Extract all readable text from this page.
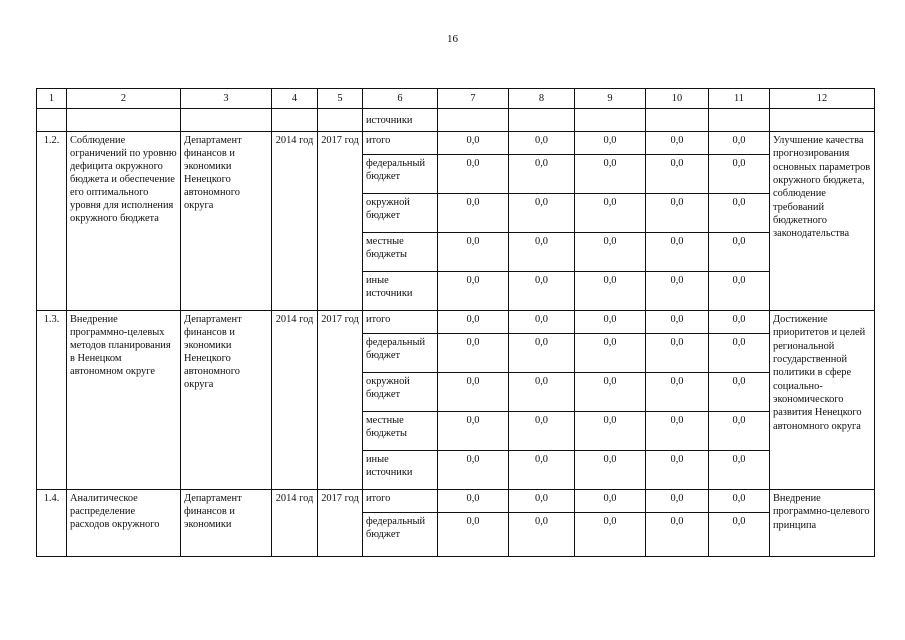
16
1	2	3	4	5	6	7	8	9	10	11	12
					источники						
1.2.	Соблюдение ограничений по уровню дефицита окружного бюджета и обеспечение его оптимального уровня для исполнения окружного бюджета	Департамент финансов и экономики Ненецкого автономного округа	2014 год	2017 год	итого	0,0	0,0	0,0	0,0	0,0	Улучшение качества прогнозирования основных параметров окружного бюджета, соблюдение требований бюджетного законодательства
					федеральный бюджет	0,0	0,0	0,0	0,0	0,0	
					окружной бюджет	0,0	0,0	0,0	0,0	0,0	
					местные бюджеты	0,0	0,0	0,0	0,0	0,0	
					иные источники	0,0	0,0	0,0	0,0	0,0	
1.3.	Внедрение программно-целевых методов планирования в Ненецком автономном округе	Департамент финансов и экономики Ненецкого автономного округа	2014 год	2017 год	итого	0,0	0,0	0,0	0,0	0,0	Достижение приоритетов и целей региональной государственной политики в сфере социально-экономического развития Ненецкого автономного округа
					федеральный бюджет	0,0	0,0	0,0	0,0	0,0	
					окружной бюджет	0,0	0,0	0,0	0,0	0,0	
					местные бюджеты	0,0	0,0	0,0	0,0	0,0	
					иные источники	0,0	0,0	0,0	0,0	0,0	
1.4.	Аналитическое распределение расходов окружного	Департамент финансов и экономики	2014 год	2017 год	итого	0,0	0,0	0,0	0,0	0,0	Внедрение программно-целевого принципа
					федеральный бюджет	0,0	0,0	0,0	0,0	0,0	
